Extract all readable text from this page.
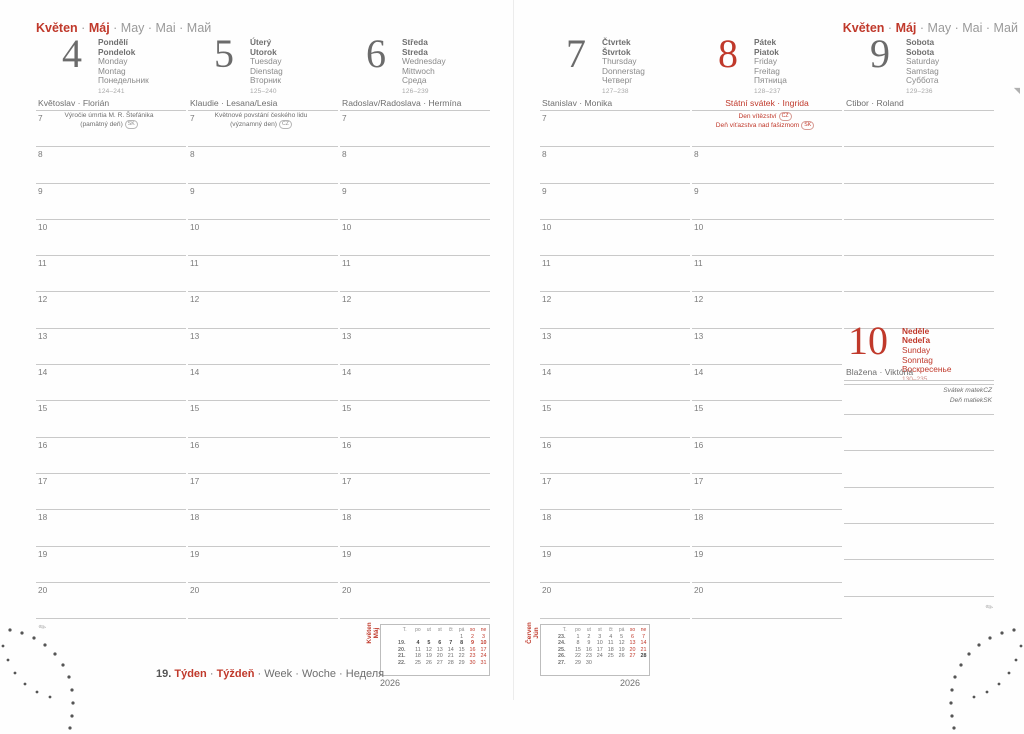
Květen · Máj · May · Mai · Май
4 Pondělí
Pondelok
Monday
Montag
Понедельник
124–241
Květoslav · Florián
7	Výročie úmrtia M. R. Štefánika
(pamätný deň) SK
8
9
10
11
12
13
14
15
16
17
18
19
20
✎
5 Úterý
Utorok
Tuesday
Dienstag
Вторник
125–240
Klaudie · Lesana/Lesia
7	Květnové povstání českého lidu
(významný den) CZ
8
9
10
11
12
13
14
15
16
17
18
19
20
6 Středa
Streda
Wednesday
Mittwoch
Среда
126–239
Radoslav/Radoslava · Hermína
7
8
9
10
11
12
13
14
15
16
17
18
19
20
Květen
Máj	T.	po	ut	st	čt	pá	so	ne
					1	2	3
19.	4	5	6	7	8	9	10
20.	11	12	13	14	15	16	17
21.	18	19	20	21	22	23	24
22.	25	26	27	28	29	30	31
2026
19. Týden · Týždeň · Week · Woche · Неделя
Květen · Máj · May · Mai · Май
◥
7 Čtvrtek
Štvrtok
Thursday
Donnerstag
Четверг
127–238
Stanislav · Monika
7
8
9
10
11
12
13
14
15
16
17
18
19
20
8 Pátek
Piatok
Friday
Freitag
Пятница
128–237
Státní svátek · Ingrida
Den vítězství CZ
Deň víťazstva nad fašizmom SK
8
9
10
11
12
13
14
15
16
17
18
19
20
9 Sobota
Sobota
Saturday
Samstag
Суббота
129–236
Ctibor · Roland
10 Neděle
Nedeľa
Sunday
Sonntag
Воскресенье
130–235
Blažena · Viktória
Svátek matekCZ
Deň matiekSK
✎
Červen
Jún	T.	po	ut	st	čt	pá	so	ne
23.	1	2	3	4	5	6	7
24.	8	9	10	11	12	13	14
25.	15	16	17	18	19	20	21
26.	22	23	24	25	26	27	28
27.	29	30					
2026
